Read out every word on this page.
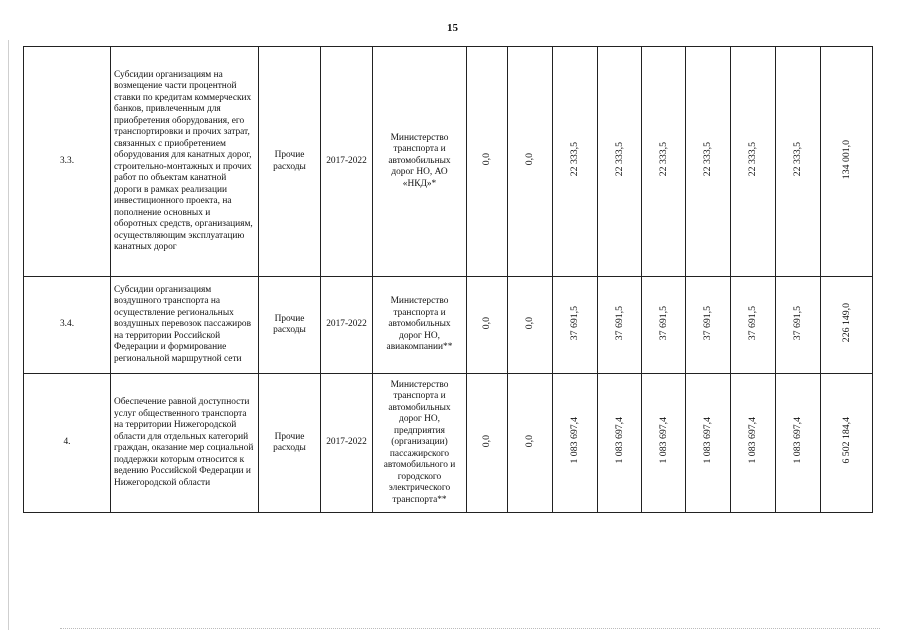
15
3.3.	Субсидии организациям на возмещение части процентной ставки по кредитам коммерческих банков, привлеченным для приобретения оборудования, его транспортировки и прочих затрат, связанных с приобретением оборудования для канатных дорог, строительно-монтажных и прочих работ по объектам канатной дороги в рамках реализации инвестиционного проекта, на пополнение основных и оборотных средств, организациям, осуществляющим эксплуатацию канатных дорог	Прочие расходы	2017-2022	Министерство транспорта и автомобильных дорог НО, АО «НКД»*	0,0	0,0	22 333,5	22 333,5	22 333,5	22 333,5	22 333,5	22 333,5	134 001,0
3.4.	Субсидии организациям воздушного транспорта на осуществление региональных воздушных перевозок пассажиров на территории Российской Федерации и формирование региональной маршрутной сети	Прочие расходы	2017-2022	Министерство транспорта и автомобильных дорог НО, авиакомпании**	0,0	0,0	37 691,5	37 691,5	37 691,5	37 691,5	37 691,5	37 691,5	226 149,0
4.	Обеспечение равной доступности услуг общественного транспорта на территории Нижегородской области для отдельных категорий граждан, оказание мер социальной поддержки которым относится к ведению Российской Федерации и Нижегородской области	Прочие расходы	2017-2022	Министерство транспорта и автомобильных дорог НО, предприятия (организации) пассажирского автомобильного и городского электрического транспорта**	0,0	0,0	1 083 697,4	1 083 697,4	1 083 697,4	1 083 697,4	1 083 697,4	1 083 697,4	6 502 184,4
